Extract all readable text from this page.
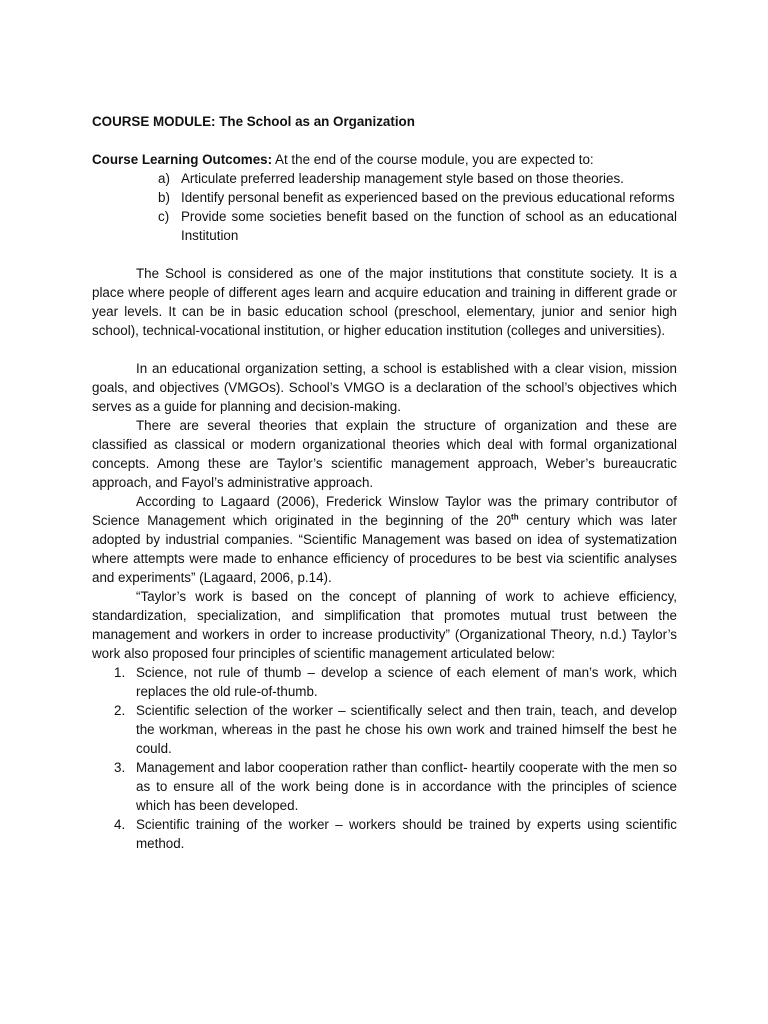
COURSE MODULE: The School as an Organization
Course Learning Outcomes: At the end of the course module, you are expected to:
a) Articulate preferred leadership management style based on those theories.
b) Identify personal benefit as experienced based on the previous educational reforms
c) Provide some societies benefit based on the function of school as an educational Institution

The School is considered as one of the major institutions that constitute society. It is a place where people of different ages learn and acquire education and training in different grade or year levels. It can be in basic education school (preschool, elementary, junior and senior high school), technical-vocational institution, or higher education institution (colleges and universities).

In an educational organization setting, a school is established with a clear vision, mission goals, and objectives (VMGOs). School’s VMGO is a declaration of the school’s objectives which serves as a guide for planning and decision-making.

There are several theories that explain the structure of organization and these are classified as classical or modern organizational theories which deal with formal organizational concepts. Among these are Taylor’s scientific management approach, Weber’s bureaucratic approach, and Fayol’s administrative approach.

According to Lagaard (2006), Frederick Winslow Taylor was the primary contributor of Science Management which originated in the beginning of the 20th century which was later adopted by industrial companies. “Scientific Management was based on idea of systematization where attempts were made to enhance efficiency of procedures to be best via scientific analyses and experiments” (Lagaard, 2006, p.14).

“Taylor’s work is based on the concept of planning of work to achieve efficiency, standardization, specialization, and simplification that promotes mutual trust between the management and workers in order to increase productivity” (Organizational Theory, n.d.) Taylor’s work also proposed four principles of scientific management articulated below:

1. Science, not rule of thumb – develop a science of each element of man’s work, which replaces the old rule-of-thumb.
2. Scientific selection of the worker – scientifically select and then train, teach, and develop the workman, whereas in the past he chose his own work and trained himself the best he could.
3. Management and labor cooperation rather than conflict- heartily cooperate with the men so as to ensure all of the work being done is in accordance with the principles of science which has been developed.
4. Scientific training of the worker – workers should be trained by experts using scientific method.
